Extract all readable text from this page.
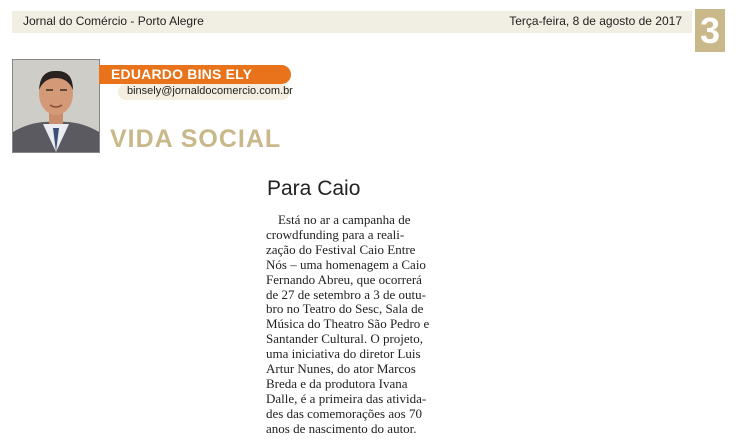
Jornal do Comércio - Porto Alegre	Terça-feira, 8 de agosto de 2017 3
EDUARDO BINS ELY
binsely@jornaldocomercio.com.br
VIDA SOCIAL
Para Caio
Está no ar a campanha de
crowdfunding para a reali-
zação do Festival Caio Entre
Nós – uma homenagem a Caio
Fernando Abreu, que ocorrerá
de 27 de setembro a 3 de outu-
bro no Teatro do Sesc, Sala de
Música do Theatro São Pedro e
Santander Cultural. O projeto,
uma iniciativa do diretor Luis
Artur Nunes, do ator Marcos
Breda e da produtora Ivana
Dalle, é a primeira das ativida-
des das comemorações aos 70
anos de nascimento do autor.
